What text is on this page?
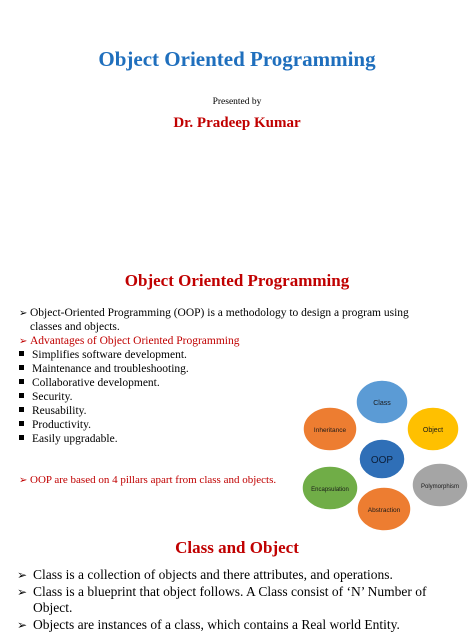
Object Oriented Programming
Presented by
Dr. Pradeep Kumar
Object Oriented Programming
➢ Object-Oriented Programming (OOP) is a methodology to design a program using
classes and objects.
➢ Advantages of Object Oriented Programming
Simplifies software development.
Maintenance and troubleshooting.
Collaborative development.
Security.
Reusability.
Productivity.
Easily upgradable.
➢ OOP are based on 4 pillars apart from class and objects.
Class
Object
Polymorphism
Abstraction
Encapsulation
Inheritance
OOP
Class and Object
➢ Class is a collection of objects and there attributes, and operations.
➢ Class is a blueprint that object follows. A Class consist of ‘N’ Number of
Object.
➢ Objects are instances of a class, which contains a Real world Entity.
